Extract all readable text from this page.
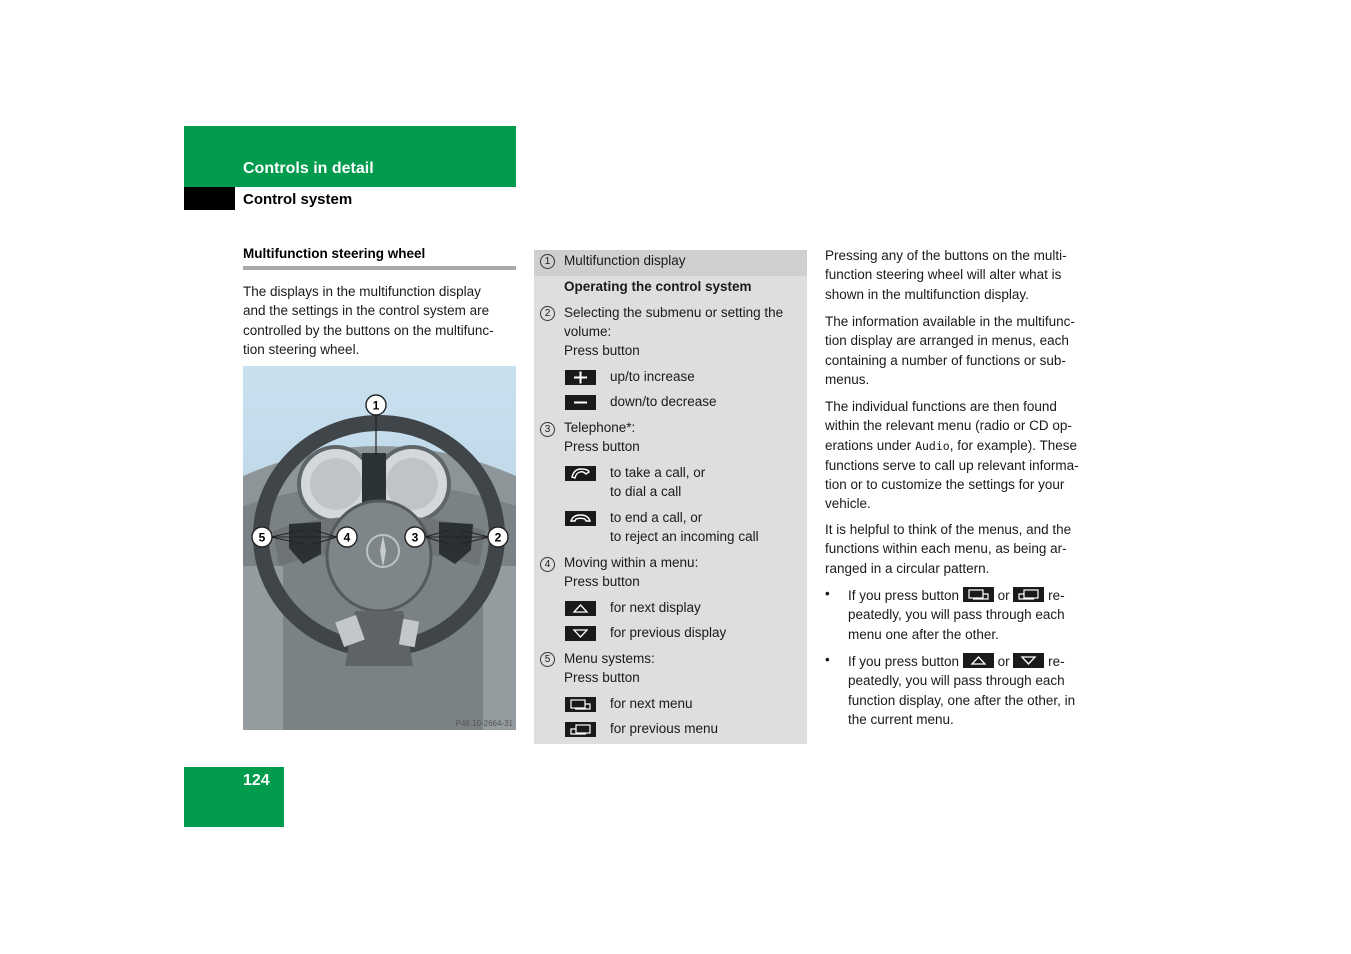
Controls in detail
Control system
Multifunction steering wheel
The displays in the multifunction display
and the settings in the control system are
controlled by the buttons on the multifunc-
tion steering wheel.
1
5	4	3	2
P46.10-2664-31
1	Multifunction display
Operating the control system
2	Selecting the submenu or setting the
volume:
Press button
up/to increase
down/to decrease
3	Telephone*:
Press button
to take a call, or
to dial a call
to end a call, or
to reject an incoming call
4	Moving within a menu:
Press button
for next display
for previous display
5	Menu systems:
Press button
for next menu
for previous menu
Pressing any of the buttons on the multi-
function steering wheel will alter what is
shown in the multifunction display.
The information available in the multifunc-
tion display are arranged in menus, each
containing a number of functions or sub-
menus.
The individual functions are then found
within the relevant menu (radio or CD op-
erations under Audio, for example). These
functions serve to call up relevant informa-
tion or to customize the settings for your
vehicle.
It is helpful to think of the menus, and the
functions within each menu, as being ar-
ranged in a circular pattern.
• If you press button	or	re-
peatedly, you will pass through each
menu one after the other.
• If you press button	or	re-
peatedly, you will pass through each
function display, one after the other, in
the current menu.
124
